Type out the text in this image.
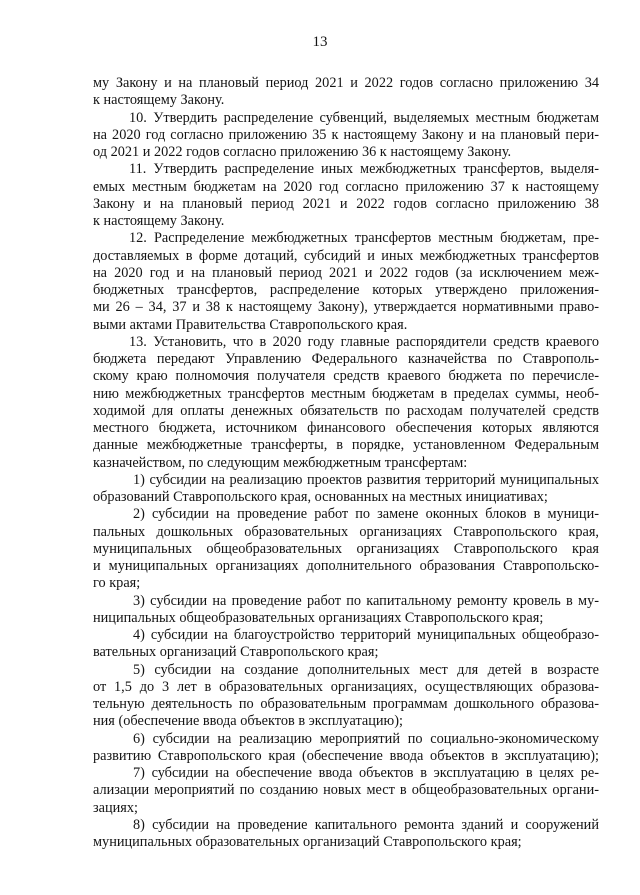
13
му Закону и на плановый период 2021 и 2022 годов согласно приложению 34
к настоящему Закону.
10. Утвердить распределение субвенций, выделяемых местным бюджетам
на 2020 год согласно приложению 35 к настоящему Закону и на плановый пери-
од 2021 и 2022 годов согласно приложению 36 к настоящему Закону.
11. Утвердить распределение иных межбюджетных трансфертов, выделя-
емых местным бюджетам на 2020 год согласно приложению 37 к настоящему
Закону и на плановый период 2021 и 2022 годов согласно приложению 38
к настоящему Закону.
12. Распределение межбюджетных трансфертов местным бюджетам, пре-
доставляемых в форме дотаций, субсидий и иных межбюджетных трансфертов
на 2020 год и на плановый период 2021 и 2022 годов (за исключением меж-
бюджетных трансфертов, распределение которых утверждено приложения-
ми 26 – 34, 37 и 38 к настоящему Закону), утверждается нормативными право-
выми актами Правительства Ставропольского края.
13. Установить, что в 2020 году главные распорядители средств краевого
бюджета передают Управлению Федерального казначейства по Ставрополь-
скому краю полномочия получателя средств краевого бюджета по перечисле-
нию межбюджетных трансфертов местным бюджетам в пределах суммы, необ-
ходимой для оплаты денежных обязательств по расходам получателей средств
местного бюджета, источником финансового обеспечения которых являются
данные межбюджетные трансферты, в порядке, установленном Федеральным
казначейством, по следующим межбюджетным трансфертам:
1) субсидии на реализацию проектов развития территорий муниципальных
образований Ставропольского края, основанных на местных инициативах;
2) субсидии на проведение работ по замене оконных блоков в муници-
пальных дошкольных образовательных организациях Ставропольского края,
муниципальных общеобразовательных организациях Ставропольского края
и муниципальных организациях дополнительного образования Ставропольско-
го края;
3) субсидии на проведение работ по капитальному ремонту кровель в му-
ниципальных общеобразовательных организациях Ставропольского края;
4) субсидии на благоустройство территорий муниципальных общеобразо-
вательных организаций Ставропольского края;
5) субсидии на создание дополнительных мест для детей в возрасте
от 1,5 до 3 лет в образовательных организациях, осуществляющих образова-
тельную деятельность по образовательным программам дошкольного образова-
ния (обеспечение ввода объектов в эксплуатацию);
6) субсидии на реализацию мероприятий по социально-экономическому
развитию Ставропольского края (обеспечение ввода объектов в эксплуатацию);
7) субсидии на обеспечение ввода объектов в эксплуатацию в целях ре-
ализации мероприятий по созданию новых мест в общеобразовательных органи-
зациях;
8) субсидии на проведение капитального ремонта зданий и сооружений
муниципальных образовательных организаций Ставропольского края;
